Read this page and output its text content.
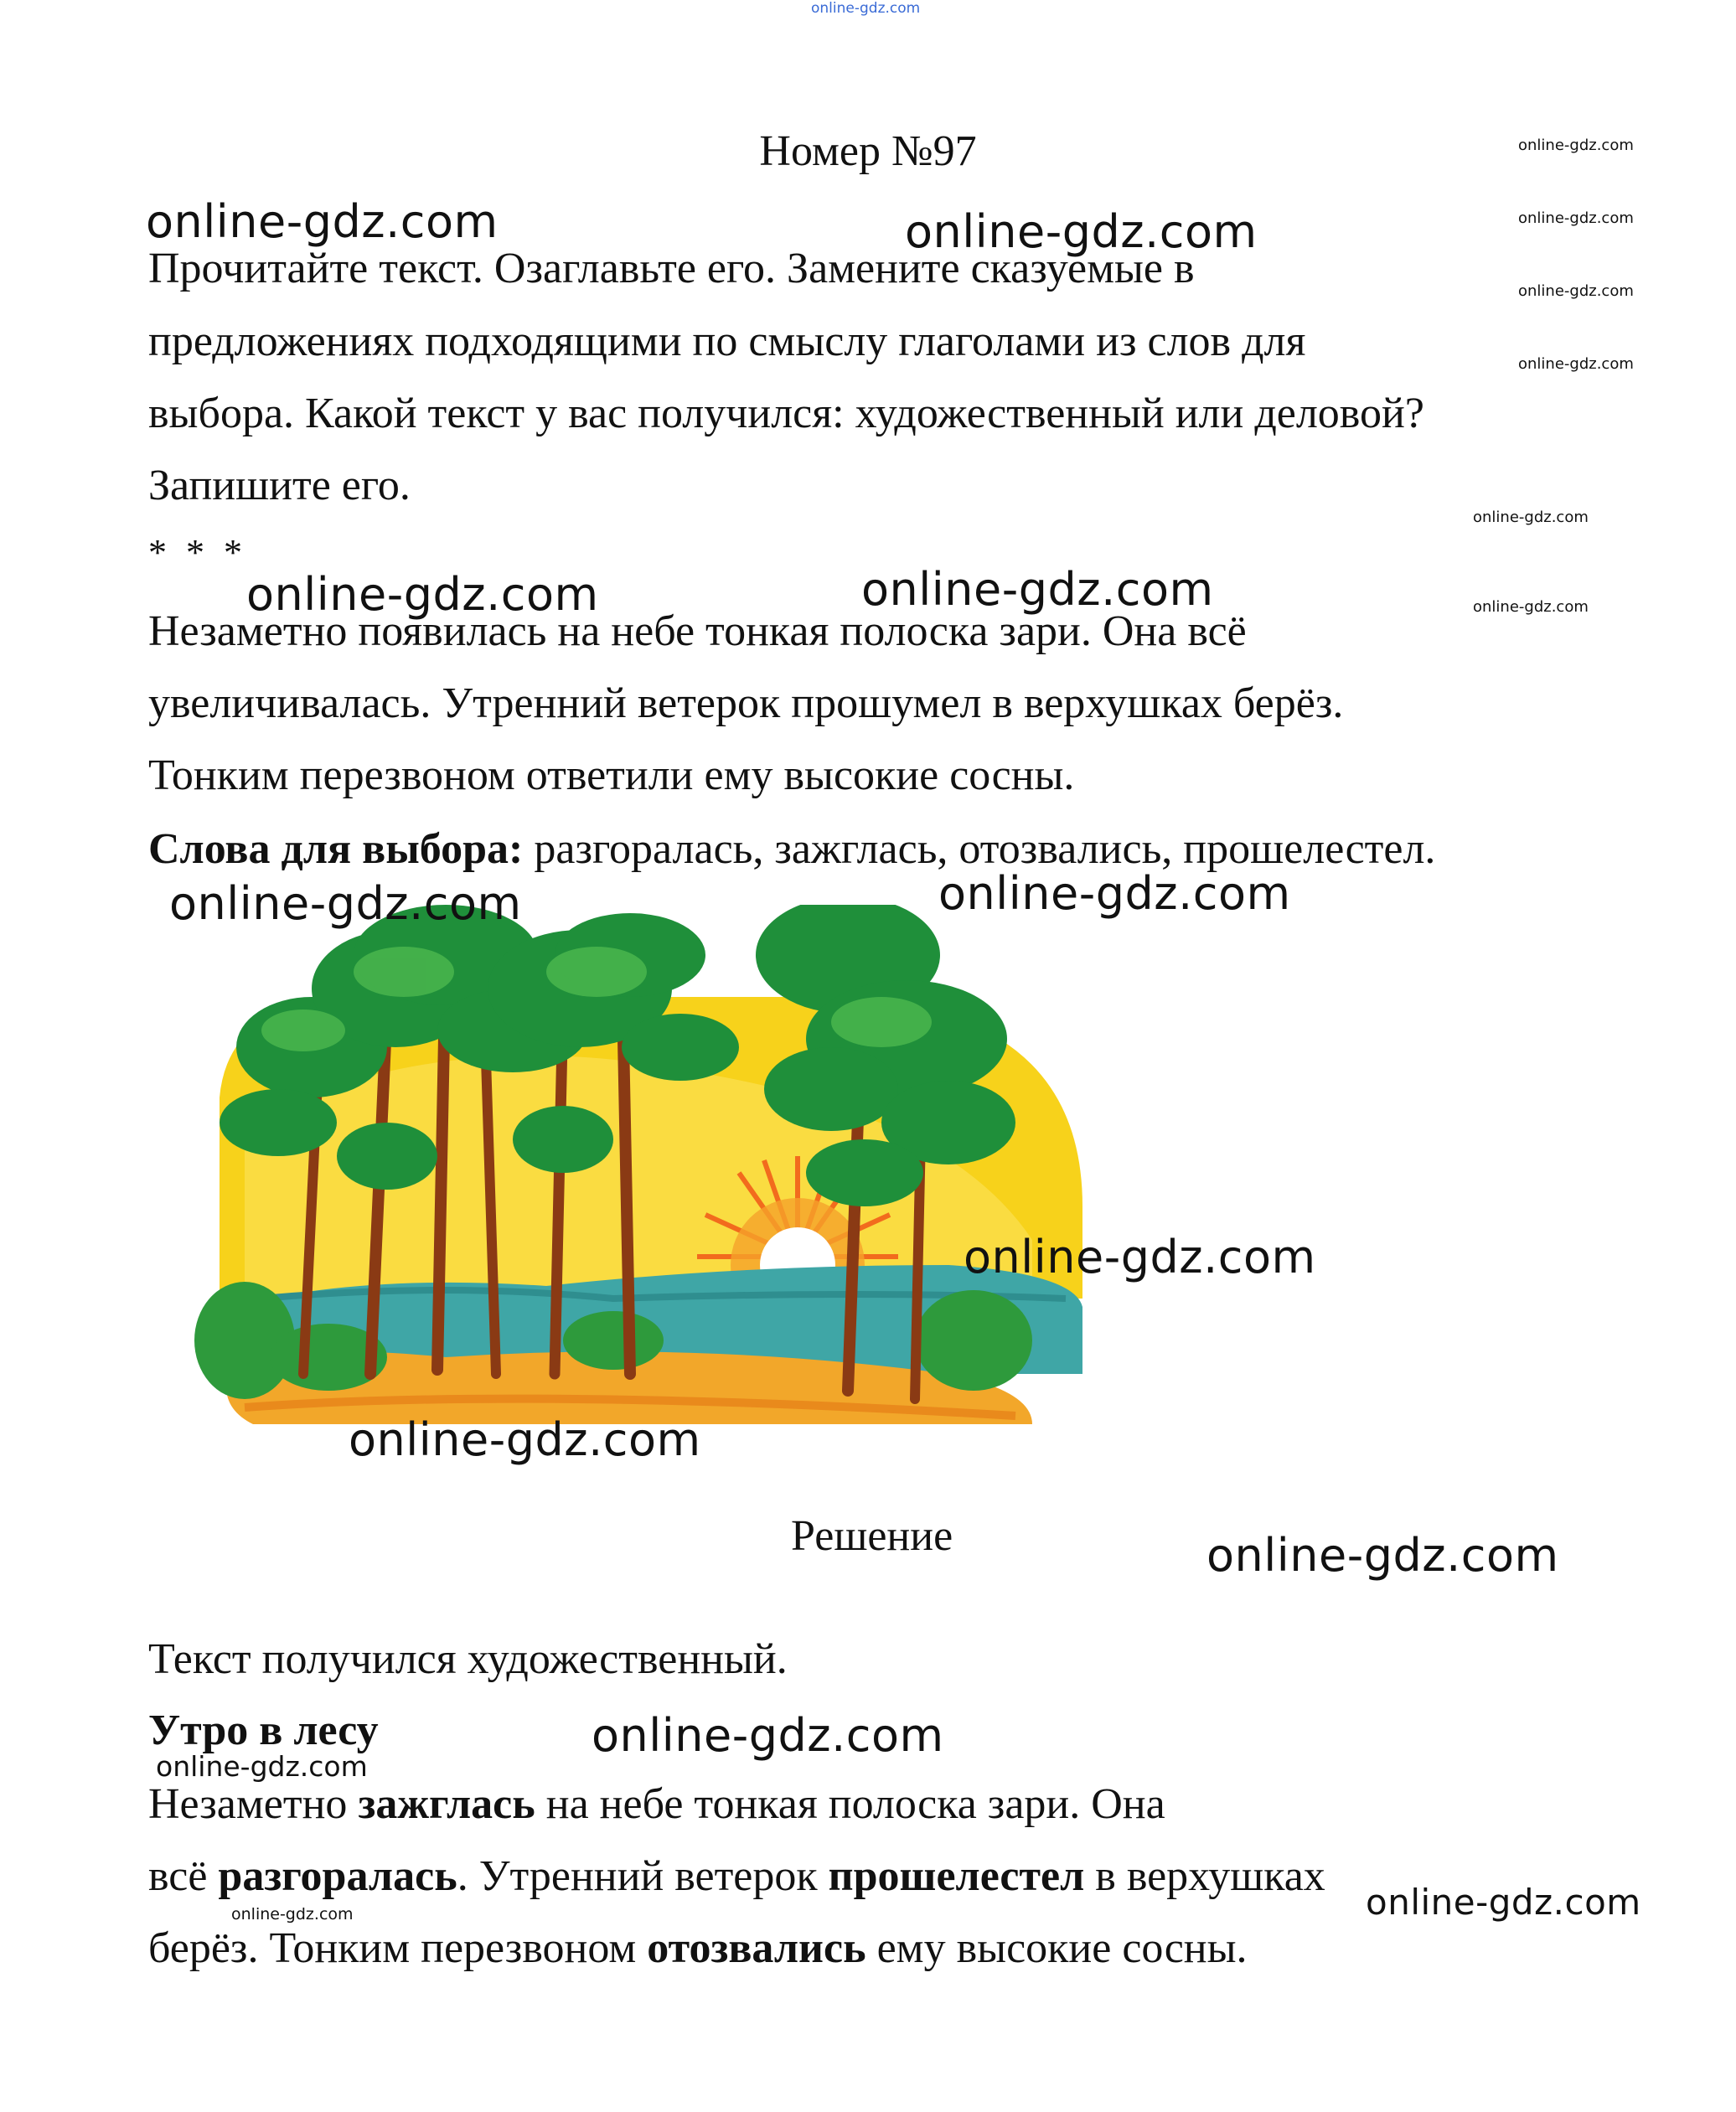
online-gdz.com
Номер №97
Прочитайте текст. Озаглавьте его. Замените сказуемые в
предложениях подходящими по смыслу глаголами из слов для
выбора. Какой текст у вас получился: художественный или деловой?
Запишите его.
* * *
Незаметно появилась на небе тонкая полоска зари. Она всё
увеличивалась. Утренний ветерок прошумел в верхушках берёз.
Тонким перезвоном ответили ему высокие сосны.
Слова для выбора: разгоралась, зажглась, отозвались, прошелестел.
Решение
Текст получился художественный.
Утро в лесу
Незаметно зажглась на небе тонкая полоска зари. Она
всё разгоралась. Утренний ветерок прошелестел в верхушках
берёз. Тонким перезвоном отозвались ему высокие сосны.
online-gdz.com
online-gdz.com
online-gdz.com
online-gdz.com
online-gdz.com
online-gdz.com
online-gdz.com	online-gdz.com
online-gdz.com	online-gdz.com
online-gdz.com	online-gdz.com
online-gdz.com
online-gdz.com
online-gdz.com
online-gdz.com
online-gdz.com
online-gdz.com
online-gdz.com
